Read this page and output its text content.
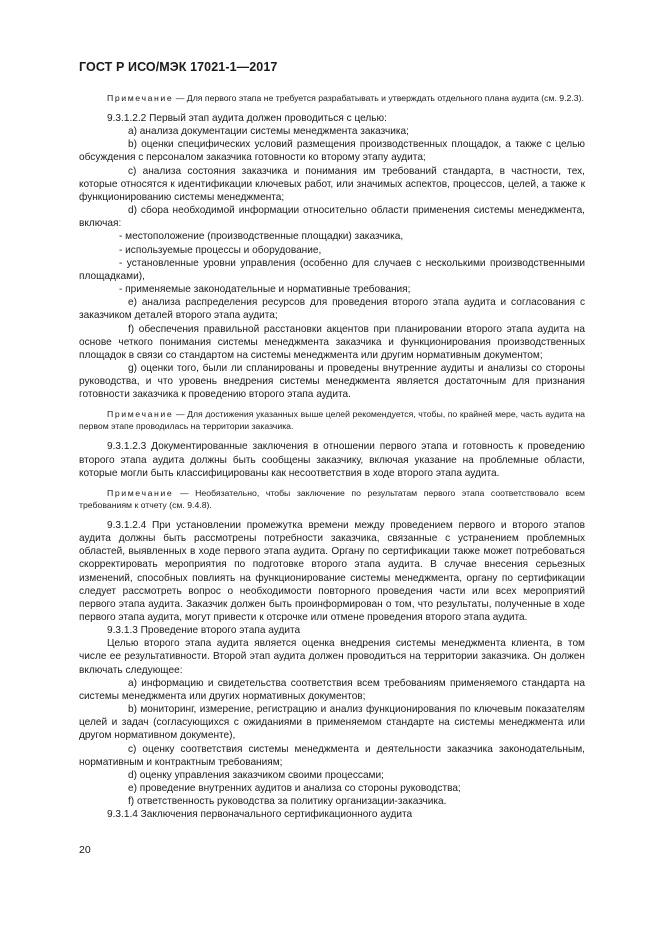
ГОСТ Р ИСО/МЭК 17021-1—2017

Примечание — Для первого этапа не требуется разрабатывать и утверждать отдельного плана аудита (см. 9.2.3).

9.3.1.2.2 Первый этап аудита должен проводиться с целью:

а) анализа документации системы менеджмента заказчика;

b) оценки специфических условий размещения производственных площадок, а также с целью обсуждения с персоналом заказчика готовности ко второму этапу аудита;

с) анализа состояния заказчика и понимания им требований стандарта, в частности, тех, которые относятся к идентификации ключевых работ, или значимых аспектов, процессов, целей, а также к функционированию системы менеджмента;

d) сбора необходимой информации относительно области применения системы менеджмента, включая:

- местоположение (производственные площадки) заказчика,

- используемые процессы и оборудование,

- установленные уровни управления (особенно для случаев с несколькими производственными площадками),

- применяемые законодательные и нормативные требования;

е) анализа распределения ресурсов для проведения второго этапа аудита и согласования с заказчиком деталей второго этапа аудита;

f) обеспечения правильной расстановки акцентов при планировании второго этапа аудита на основе четкого понимания системы менеджмента заказчика и функционирования производственных площадок в связи со стандартом на системы менеджмента или другим нормативным документом;

g) оценки того, были ли спланированы и проведены внутренние аудиты и анализы со стороны руководства, и что уровень внедрения системы менеджмента является достаточным для признания готовности заказчика к проведению второго этапа аудита.

Примечание — Для достижения указанных выше целей рекомендуется, чтобы, по крайней мере, часть аудита на первом этапе проводилась на территории заказчика.

9.3.1.2.3 Документированные заключения в отношении первого этапа и готовность к проведению второго этапа аудита должны быть сообщены заказчику, включая указание на проблемные области, которые могли быть классифицированы как несоответствия в ходе второго этапа аудита.

Примечание — Необязательно, чтобы заключение по результатам первого этапа соответствовало всем требованиям к отчету (см. 9.4.8).

9.3.1.2.4 При установлении промежутка времени между проведением первого и второго этапов аудита должны быть рассмотрены потребности заказчика, связанные с устранением проблемных областей, выявленных в ходе первого этапа аудита. Органу по сертификации также может потребоваться скорректировать мероприятия по подготовке второго этапа аудита. В случае внесения серьезных изменений, способных повлиять на функционирование системы менеджмента, органу по сертификации следует рассмотреть вопрос о необходимости повторного проведения части или всех мероприятий первого этапа аудита. Заказчик должен быть проинформирован о том, что результаты, полученные в ходе первого этапа аудита, могут привести к отсрочке или отмене проведения второго этапа аудита.

9.3.1.3 Проведение второго этапа аудита

Целью второго этапа аудита является оценка внедрения системы менеджмента клиента, в том числе ее результативности. Второй этап аудита должен проводиться на территории заказчика. Он должен включать следующее:

а) информацию и свидетельства соответствия всем требованиям применяемого стандарта на системы менеджмента или других нормативных документов;

b) мониторинг, измерение, регистрацию и анализ функционирования по ключевым показателям целей и задач (согласующихся с ожиданиями в применяемом стандарте на системы менеджмента или другом нормативном документе),

с) оценку соответствия системы менеджмента и деятельности заказчика законодательным, нормативным и контрактным требованиям;

d) оценку управления заказчиком своими процессами;

е) проведение внутренних аудитов и анализа со стороны руководства;

f) ответственность руководства за политику организации-заказчика.

9.3.1.4 Заключения первоначального сертификационного аудита

20
